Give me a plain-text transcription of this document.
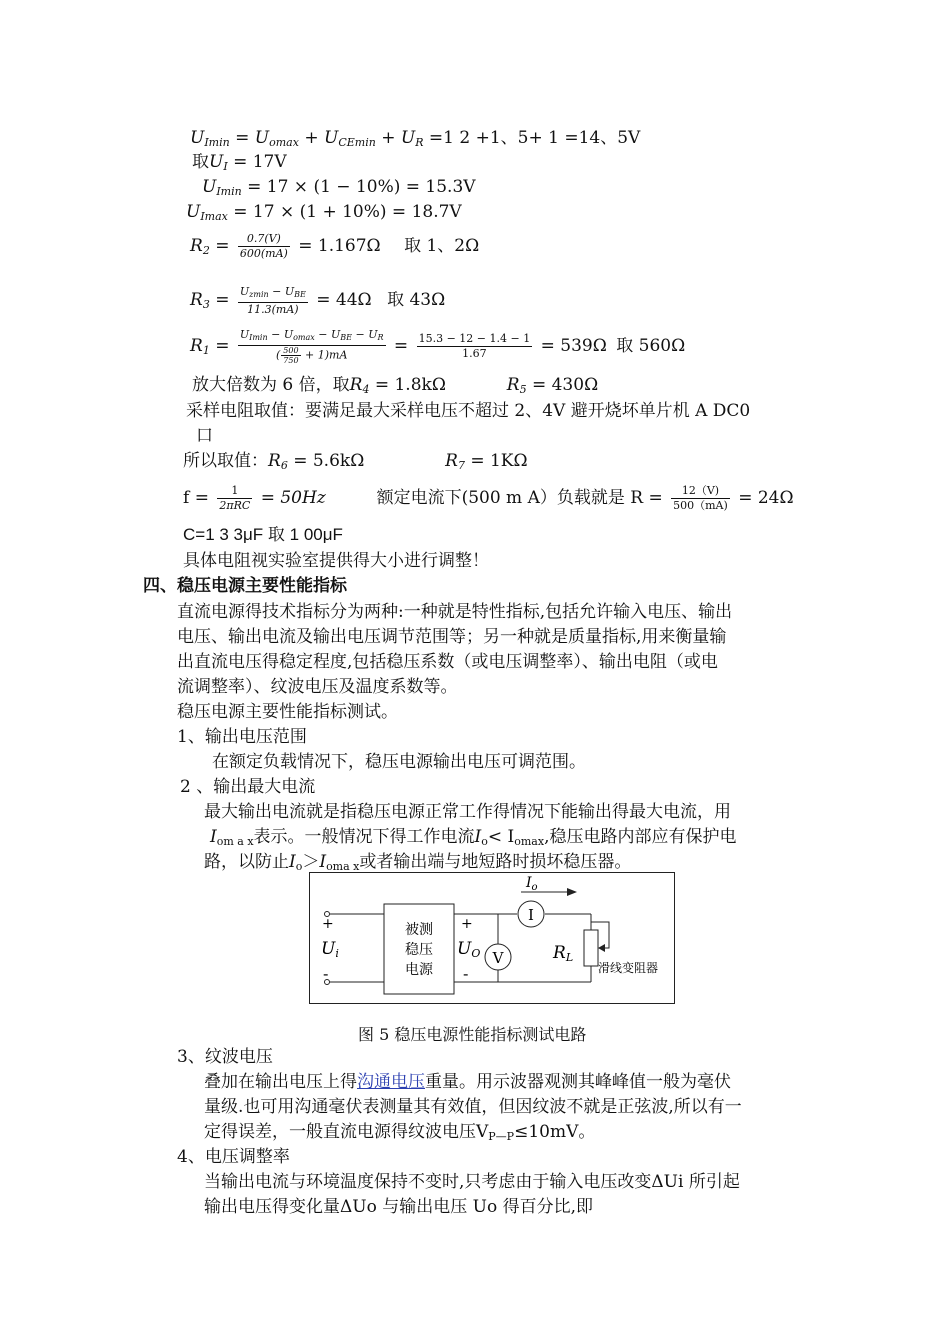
$U_{Imin} = U_{omax} + U_{CEmin} + U_R =1$ 2 +1、5+ 1 =14、5V
取$U_I = 17V$
$U_{Imin} = 17 \times (1 - 10\%) = 15.3V$
$U_{Imax} = 17 \times (1 + 10\%) = 18.7V$
$R_2 = \frac{0.7(V)}{600(mA)} = 1.167\Omega$ 取 1、2Ω
$R_3 = \frac{U_{zmin} - U_{BE}}{11.3(mA)} = 44\Omega$ 取 43Ω
$R_1 = \frac{U_{Imin} - U_{omax} - U_{BE} - U_R}{( \frac{500}{750} + 1)mA} = \frac{15.3 - 12 - 1.4 - 1}{1.67} = 539\Omega$ 取 560Ω
放大倍数为 6 倍，取$R_4 = 1.8k\Omega$	$R_5 = 430\Omega$
采样电阻取值：要满足最大采样电压不超过 2、4V 避开烧坏单片机 A DC0
口
所以取值：$R_6 = 5.6k\Omega$	$R_7 = 1K\Omega$
$f = \frac{1}{\text{2πRC}} = 50Hz$	额定电流下(500 m A）负载就是 $R = \frac{12(V)}{500(mA)} = 24\Omega$
C=1 3 3μF 取 1 00μF
具体电阻视实验室提供得大小进行调整！
四、稳压电源主要性能指标
直流电源得技术指标分为两种:一种就是特性指标,包括允许输入电压、输出
电压、输出电流及输出电压调节范围等；另一种就是质量指标,用来衡量输
出直流电压得稳定程度,包括稳压系数（或电压调整率）、输出电阻（或电
流调整率）、纹波电压及温度系数等。
稳压电源主要性能指标测试。
1、输出电压范围
在额定负载情况下，稳压电源输出电压可调范围。
2 、输出最大电流
最大输出电流就是指稳压电源正常工作得情况下能输出得最大电流，用
$I_{om a x}$表示。一般情况下得工作电流$I_o< I_{omax}$,稳压电路内部应有保护电
路，以防止$I_o>I_{oma x}$或者输出端与地短路时损坏稳压器。
+
Ui
-
被测
稳压
电源
+
UO
-
V
I
$I_o$
RL
滑线变阻器
图 5 稳压电源性能指标测试电路
3、纹波电压
叠加在输出电压上得沟通电压重量。用示波器观测其峰峰值一般为毫伏
量级.也可用沟通毫伏表测量其有效值，但因纹波不就是正弦波,所以有一
定得误差，一般直流电源得纹波电压$V_{P—P}\le 10mV$。
4、电压调整率
当输出电流与环境温度保持不变时,只考虑由于输入电压改变ΔUi 所引起
输出电压得变化量ΔUo 与输出电压 Uo 得百分比,即
